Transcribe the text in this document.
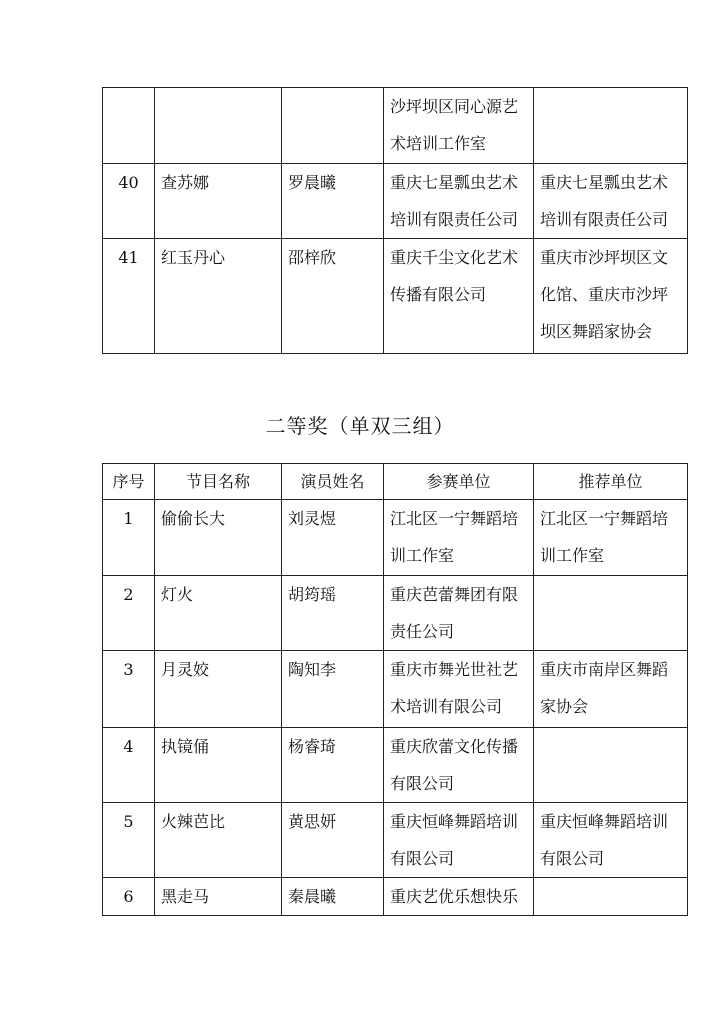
			沙坪坝区同心源艺术培训工作室	

40	查苏娜	罗晨曦	重庆七星瓢虫艺术培训有限责任公司	重庆七星瓢虫艺术培训有限责任公司

41	红玉丹心	邵梓欣	重庆千尘文化艺术传播有限公司	重庆市沙坪坝区文化馆、重庆市沙坪坝区舞蹈家协会
二等奖（单双三组）
序号	节目名称	演员姓名	参赛单位	推荐单位
1	偷偷长大	刘灵煜	江北区一宁舞蹈培训工作室	江北区一宁舞蹈培训工作室

2	灯火	胡筠瑶	重庆芭蕾舞团有限责任公司	

3	月灵姣	陶知李	重庆市舞光世社艺术培训有限公司	重庆市南岸区舞蹈家协会

4	执镜俑	杨睿琦	重庆欣蕾文化传播有限公司	

5	火辣芭比	黄思妍	重庆恒峰舞蹈培训有限公司	重庆恒峰舞蹈培训有限公司

6	黑走马	秦晨曦	重庆艺优乐想快乐	
